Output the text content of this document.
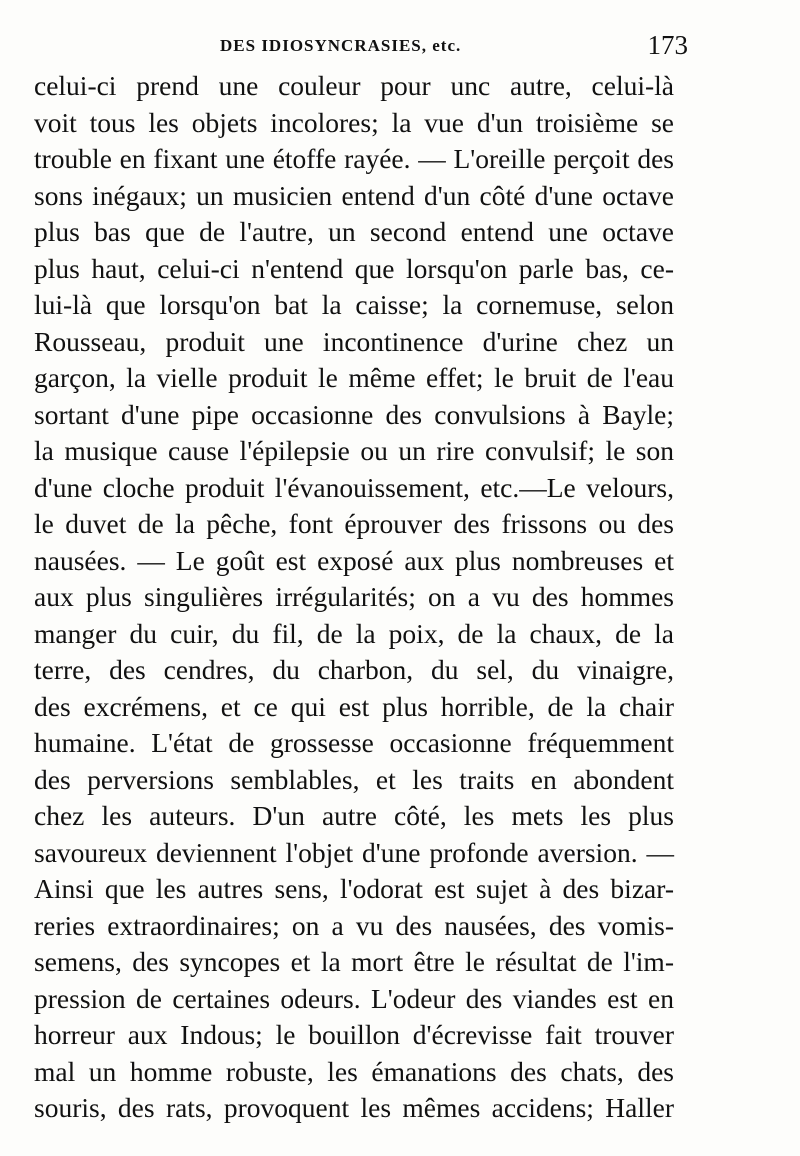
DES IDIOSYNCRASIES, etc.	173
celui-ci prend une couleur pour unc autre, celui-là
voit tous les objets incolores; la vue d'un troisième se
trouble en fixant une étoffe rayée. — L'oreille perçoit des
sons inégaux; un musicien entend d'un côté d'une octave
plus bas que de l'autre, un second entend une octave
plus haut, celui-ci n'entend que lorsqu'on parle bas, ce-
lui-là que lorsqu'on bat la caisse; la cornemuse, selon
Rousseau, produit une incontinence d'urine chez un
garçon, la vielle produit le même effet; le bruit de l'eau
sortant d'une pipe occasionne des convulsions à Bayle;
la musique cause l'épilepsie ou un rire convulsif; le son
d'une cloche produit l'évanouissement, etc.—Le velours,
le duvet de la pêche, font éprouver des frissons ou des
nausées. — Le goût est exposé aux plus nombreuses et
aux plus singulières irrégularités; on a vu des hommes
manger du cuir, du fil, de la poix, de la chaux, de la
terre, des cendres, du charbon, du sel, du vinaigre,
des excrémens, et ce qui est plus horrible, de la chair
humaine. L'état de grossesse occasionne fréquemment
des perversions semblables, et les traits en abondent
chez les auteurs. D'un autre côté, les mets les plus
savoureux deviennent l'objet d'une profonde aversion. —
Ainsi que les autres sens, l'odorat est sujet à des bizar-
reries extraordinaires; on a vu des nausées, des vomis-
semens, des syncopes et la mort être le résultat de l'im-
pression de certaines odeurs. L'odeur des viandes est en
horreur aux Indous; le bouillon d'écrevisse fait trouver
mal un homme robuste, les émanations des chats, des
souris, des rats, provoquent les mêmes accidens; Haller
